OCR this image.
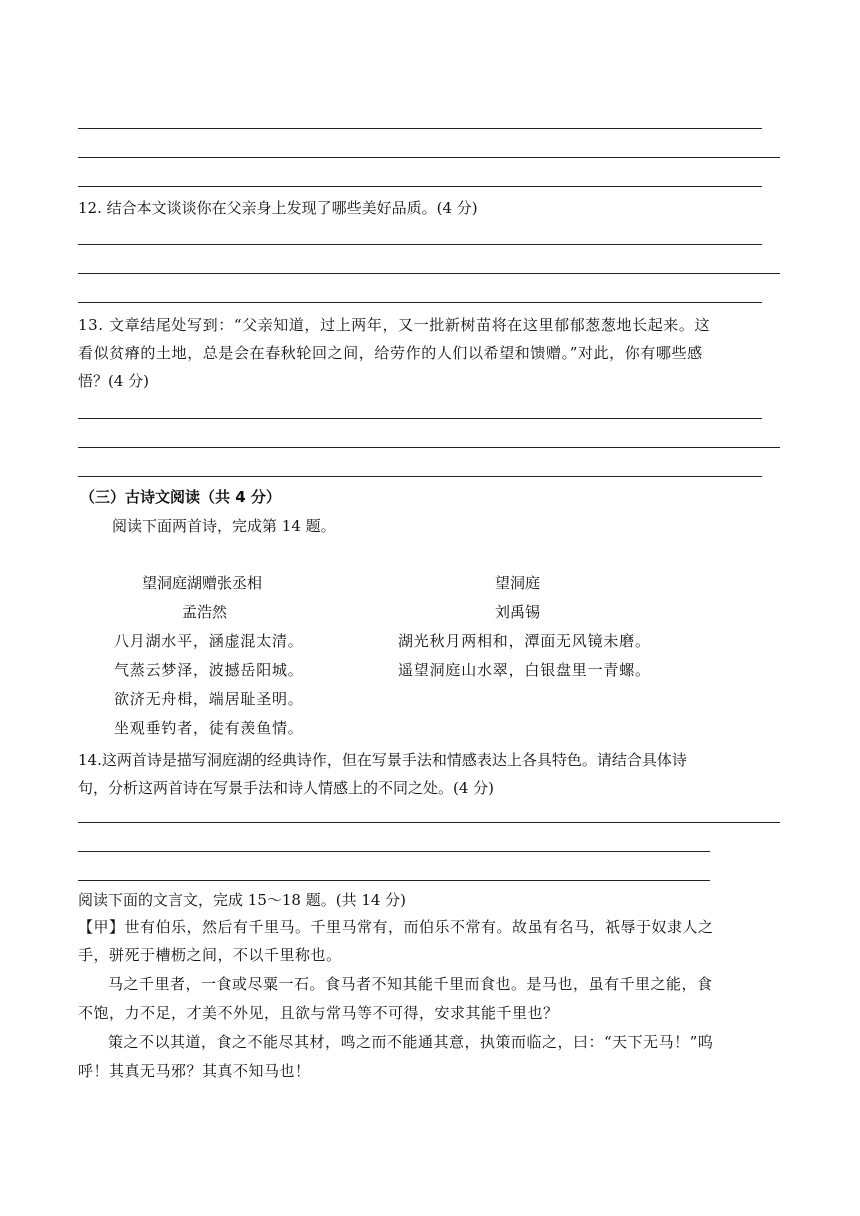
12. 结合本文谈谈你在父亲身上发现了哪些美好品质。(4 分)
13. 文章结尾处写到：“父亲知道，过上两年，又一批新树苗将在这里郁郁葱葱地长起来。这
看似贫瘠的土地，总是会在春秋轮回之间，给劳作的人们以希望和馈赠。”对此，你有哪些感
悟？(4 分)
（三）古诗文阅读（共 4 分）
阅读下面两首诗，完成第 14 题。
望洞庭湖赠张丞相
孟浩然
八月湖水平，涵虚混太清。
气蒸云梦泽，波撼岳阳城。
欲济无舟楫，端居耻圣明。
坐观垂钓者，徒有羡鱼情。
望洞庭
刘禹锡
湖光秋月两相和，潭面无风镜未磨。
遥望洞庭山水翠，白银盘里一青螺。
14.这两首诗是描写洞庭湖的经典诗作，但在写景手法和情感表达上各具特色。请结合具体诗
句，分析这两首诗在写景手法和诗人情感上的不同之处。(4 分)
阅读下面的文言文，完成 15～18 题。(共 14 分)
【甲】世有伯乐，然后有千里马。千里马常有，而伯乐不常有。故虽有名马，祇辱于奴隶人之
手，骈死于槽枥之间，不以千里称也。
马之千里者，一食或尽粟一石。食马者不知其能千里而食也。是马也，虽有千里之能，食
不饱，力不足，才美不外见，且欲与常马等不可得，安求其能千里也？
策之不以其道，食之不能尽其材，鸣之而不能通其意，执策而临之，曰：“天下无马！”呜
呼！其真无马邪？其真不知马也！
